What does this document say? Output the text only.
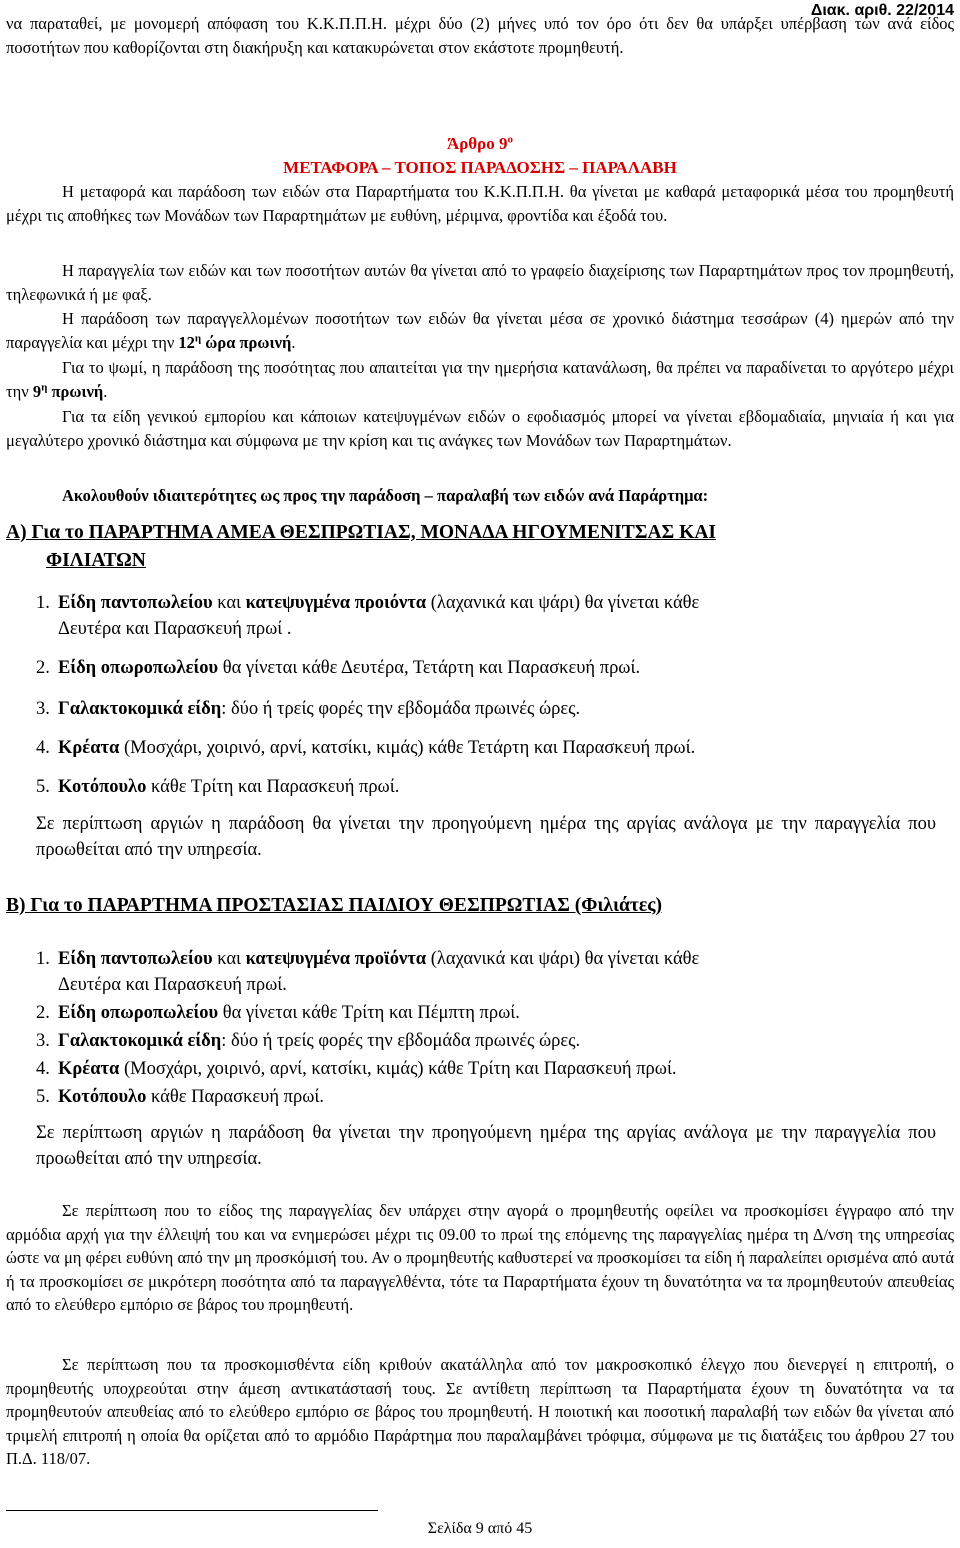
Διακ. αριθ. 22/2014
να παραταθεί, με μονομερή απόφαση του Κ.Κ.Π.Π.Η. μέχρι δύο (2) μήνες υπό τον όρο ότι δεν θα υπάρξει υπέρβαση των ανά είδος ποσοτήτων που καθορίζονται στη διακήρυξη και κατακυρώνεται στον εκάστοτε προμηθευτή.
Άρθρο $9^o$
ΜΕΤΑΦΟΡΑ – ΤΟΠΟΣ ΠΑΡΑΔΟΣΗΣ – ΠΑΡΑΛΑΒΗ
Η μεταφορά και παράδοση των ειδών στα Παραρτήματα του Κ.Κ.Π.Π.Η. θα γίνεται με καθαρά μεταφορικά μέσα του προμηθευτή μέχρι τις αποθήκες των Μονάδων των Παραρτημάτων με ευθύνη, μέριμνα, φροντίδα και έξοδά του.
Η παραγγελία των ειδών και των ποσοτήτων αυτών θα γίνεται από το γραφείο διαχείρισης των Παραρτημάτων προς τον προμηθευτή, τηλεφωνικά ή με φαξ.
Η παράδοση των παραγγελλομένων ποσοτήτων των ειδών θα γίνεται μέσα σε χρονικό διάστημα τεσσάρων (4) ημερών από την παραγγελία και μέχρι την $12^\eta$ ώρα πρωινή.
Για το ψωμί, η παράδοση της ποσότητας που απαιτείται για την ημερήσια κατανάλωση, θα πρέπει να παραδίνεται το αργότερο μέχρι την $9^\eta$ πρωινή.
Για τα είδη γενικού εμπορίου και κάποιων κατεψυγμένων ειδών ο εφοδιασμός μπορεί να γίνεται εβδομαδιαία, μηνιαία ή και για μεγαλύτερο χρονικό διάστημα και σύμφωνα με την κρίση και τις ανάγκες των Μονάδων των Παραρτημάτων.
Ακολουθούν ιδιαιτερότητες ως προς την παράδοση – παραλαβή των ειδών ανά Παράρτημα:
Α) Για το ΠΑΡΑΡΤΗΜΑ ΑΜΕΑ ΘΕΣΠΡΩΤΙΑΣ, ΜΟΝΑΔΑ ΗΓΟΥΜΕΝΙΤΣΑΣ ΚΑΙ
ΦΙΛΙΑΤΩΝ
1. Είδη παντοπωλείου και κατεψυγμένα προιόντα (λαχανικά και ψάρι) θα γίνεται κάθε
Δευτέρα και Παρασκευή πρωί .
2. Είδη οπωροπωλείου θα γίνεται κάθε Δευτέρα, Τετάρτη και Παρασκευή πρωί.
3. Γαλακτοκομικά είδη: δύο ή τρείς φορές την εβδομάδα πρωινές ώρες.
4. Κρέατα (Μοσχάρι, χοιρινό, αρνί, κατσίκι, κιμάς) κάθε Τετάρτη και Παρασκευή πρωί.
5. Κοτόπουλο κάθε Τρίτη και Παρασκευή πρωί.
Σε περίπτωση αργιών η παράδοση θα γίνεται την προηγούμενη ημέρα της αργίας ανάλογα με την παραγγελία που προωθείται από την υπηρεσία.
Β) Για το ΠΑΡΑΡΤΗΜΑ ΠΡΟΣΤΑΣΙΑΣ ΠΑΙΔΙΟΥ ΘΕΣΠΡΩΤΙΑΣ (Φιλιάτες)
1. Είδη παντοπωλείου και κατεψυγμένα προϊόντα (λαχανικά και ψάρι) θα γίνεται κάθε
Δευτέρα και Παρασκευή πρωί.
2. Είδη οπωροπωλείου θα γίνεται κάθε Τρίτη και Πέμπτη πρωί.
3. Γαλακτοκομικά είδη: δύο ή τρείς φορές την εβδομάδα πρωινές ώρες.
4. Κρέατα (Μοσχάρι, χοιρινό, αρνί, κατσίκι, κιμάς) κάθε Τρίτη και Παρασκευή πρωί.
5. Κοτόπουλο κάθε Παρασκευή πρωί.
Σε περίπτωση αργιών η παράδοση θα γίνεται την προηγούμενη ημέρα της αργίας ανάλογα με την παραγγελία που προωθείται από την υπηρεσία.
Σε περίπτωση που το είδος της παραγγελίας δεν υπάρχει στην αγορά ο προμηθευτής οφείλει να προσκομίσει έγγραφο από την αρμόδια αρχή για την έλλειψή του και να ενημερώσει μέχρι τις 09.00 το πρωί της επόμενης της παραγγελίας ημέρα τη Δ/νση της υπηρεσίας ώστε να μη φέρει ευθύνη από την μη προσκόμισή του. Αν ο προμηθευτής καθυστερεί να προσκομίσει τα είδη ή παραλείπει ορισμένα από αυτά ή τα προσκομίσει σε μικρότερη ποσότητα από τα παραγγελθέντα, τότε τα Παραρτήματα έχουν τη δυνατότητα να τα προμηθευτούν απευθείας από το ελεύθερο εμπόριο σε βάρος του προμηθευτή.
Σε περίπτωση που τα προσκομισθέντα είδη κριθούν ακατάλληλα από τον μακροσκοπικό έλεγχο που διενεργεί η επιτροπή, ο προμηθευτής υποχρεούται στην άμεση αντικατάστασή τους. Σε αντίθετη περίπτωση τα Παραρτήματα έχουν τη δυνατότητα να τα προμηθευτούν απευθείας από το ελεύθερο εμπόριο σε βάρος του προμηθευτή. Η ποιοτική και ποσοτική παραλαβή των ειδών θα γίνεται από τριμελή επιτροπή η οποία θα ορίζεται από το αρμόδιο Παράρτημα που παραλαμβάνει τρόφιμα, σύμφωνα με τις διατάξεις του άρθρου 27 του Π.Δ. 118/07.
Σελίδα 9 από 45
